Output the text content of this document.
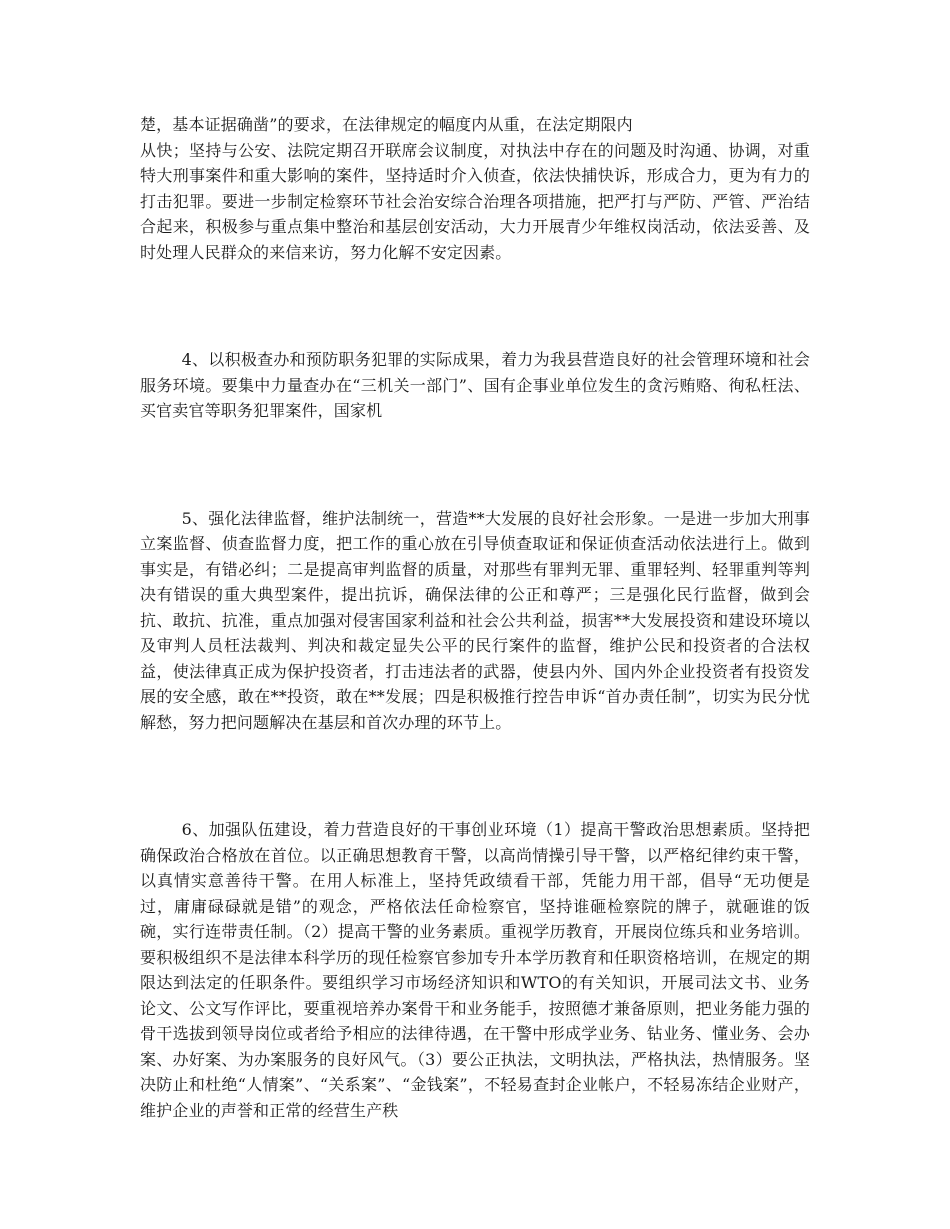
楚，基本证据确凿”的要求，在法律规定的幅度内从重，在法定期限内
从快；坚持与公安、法院定期召开联席会议制度，对执法中存在的问题及时沟通、协调，对重特大刑事案件和重大影响的案件，坚持适时介入侦查，依法快捕快诉，形成合力，更为有力的打击犯罪。要进一步制定检察环节社会治安综合治理各项措施，把严打与严防、严管、严治结合起来，积极参与重点集中整治和基层创安活动，大力开展青少年维权岗活动，依法妥善、及时处理人民群众的来信来访，努力化解不安定因素。

4、以积极查办和预防职务犯罪的实际成果，着力为我县营造良好的社会管理环境和社会服务环境。要集中力量查办在“三机关一部门”、国有企事业单位发生的贪污贿赂、徇私枉法、买官卖官等职务犯罪案件，国家机

5、强化法律监督，维护法制统一，营造**大发展的良好社会形象。一是进一步加大刑事立案监督、侦查监督力度，把工作的重心放在引导侦查取证和保证侦查活动依法进行上。做到事实是，有错必纠；二是提高审判监督的质量，对那些有罪判无罪、重罪轻判、轻罪重判等判决有错误的重大典型案件，提出抗诉，确保法律的公正和尊严；三是强化民行监督，做到会抗、敢抗、抗准，重点加强对侵害国家利益和社会公共利益，损害**大发展投资和建设环境以及审判人员枉法裁判、判决和裁定显失公平的民行案件的监督，维护公民和投资者的合法权益，使法律真正成为保护投资者，打击违法者的武器，使县内外、国内外企业投资者有投资发展的安全感，敢在**投资，敢在**发展；四是积极推行控告申诉“首办责任制”，切实为民分忧解愁，努力把问题解决在基层和首次办理的环节上。

6、加强队伍建设，着力营造良好的干事创业环境（1）提高干警政治思想素质。坚持把确保政治合格放在首位。以正确思想教育干警，以高尚情操引导干警，以严格纪律约束干警，以真情实意善待干警。在用人标准上，坚持凭政绩看干部，凭能力用干部，倡导“无功便是过，庸庸碌碌就是错”的观念，严格依法任命检察官，坚持谁砸检察院的牌子，就砸谁的饭碗，实行连带责任制。（2）提高干警的业务素质。重视学历教育，开展岗位练兵和业务培训。要积极组织不是法律本科学历的现任检察官参加专升本学历教育和任职资格培训，在规定的期限达到法定的任职条件。要组织学习市场经济知识和WTO的有关知识，开展司法文书、业务论文、公文写作评比，要重视培养办案骨干和业务能手，按照德才兼备原则，把业务能力强的骨干选拔到领导岗位或者给予相应的法律待遇，在干警中形成学业务、钻业务、懂业务、会办案、办好案、为办案服务的良好风气。（3）要公正执法，文明执法，严格执法，热情服务。坚决防止和杜绝“人情案”、“关系案”、“金钱案”，不轻易查封企业帐户，不轻易冻结企业财产，维护企业的声誉和正常的经营生产秩
